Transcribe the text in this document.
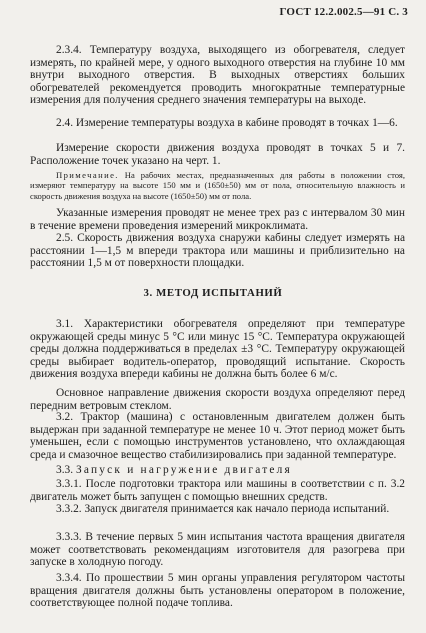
ГОСТ 12.2.002.5—91 С. 3

2.3.4. Температуру воздуха, выходящего из обогревателя, следует измерять, по крайней мере, у одного выходного отверстия на глубине 10 мм внутри выходного отверстия. В выходных отверстиях больших обогревателей рекомендуется проводить многократные температурные измерения для получения среднего значения температуры на выходе.

2.4. Измерение температуры воздуха в кабине проводят в точках 1—6.

Измерение скорости движения воздуха проводят в точках 5 и 7. Расположение точек указано на черт. 1.

Примечание. На рабочих местах, предназначенных для работы в положении стоя, измеряют температуру на высоте 150 мм и (1650±50) мм от пола, относительную влажность и скорость движения воздуха на высоте (1650±50) мм от пола.

Указанные измерения проводят не менее трех раз с интервалом 30 мин в течение времени проведения измерений микроклимата.

2.5. Скорость движения воздуха снаружи кабины следует измерять на расстоянии 1—1,5 м впереди трактора или машины и приблизительно на расстоянии 1,5 м от поверхности площадки.

3. МЕТОД ИСПЫТАНИЙ

3.1. Характеристики обогревателя определяют при температуре окружающей среды минус 5 °С или минус 15 °С. Температура окружающей среды должна поддерживаться в пределах ±3 °С. Температуру окружающей среды выбирает водитель-оператор, проводящий испытание. Скорость движения воздуха впереди кабины не должна быть более 6 м/с.

Основное направление движения скорости воздуха определяют перед передним ветровым стеклом.

3.2. Трактор (машина) с остановленным двигателем должен быть выдержан при заданной температуре не менее 10 ч. Этот период может быть уменьшен, если с помощью инструментов установлено, что охлаждающая среда и смазочное вещество стабилизировались при заданной температуре.

3.3. Запуск и нагружение двигателя

3.3.1. После подготовки трактора или машины в соответствии с п. 3.2 двигатель может быть запущен с помощью внешних средств.

3.3.2. Запуск двигателя принимается как начало периода испытаний.

3.3.3. В течение первых 5 мин испытания частота вращения двигателя может соответствовать рекомендациям изготовителя для разогрева при запуске в холодную погоду.

3.3.4. По прошествии 5 мин органы управления регулятором частоты вращения двигателя должны быть установлены оператором в положение, соответствующее полной подаче топлива.
